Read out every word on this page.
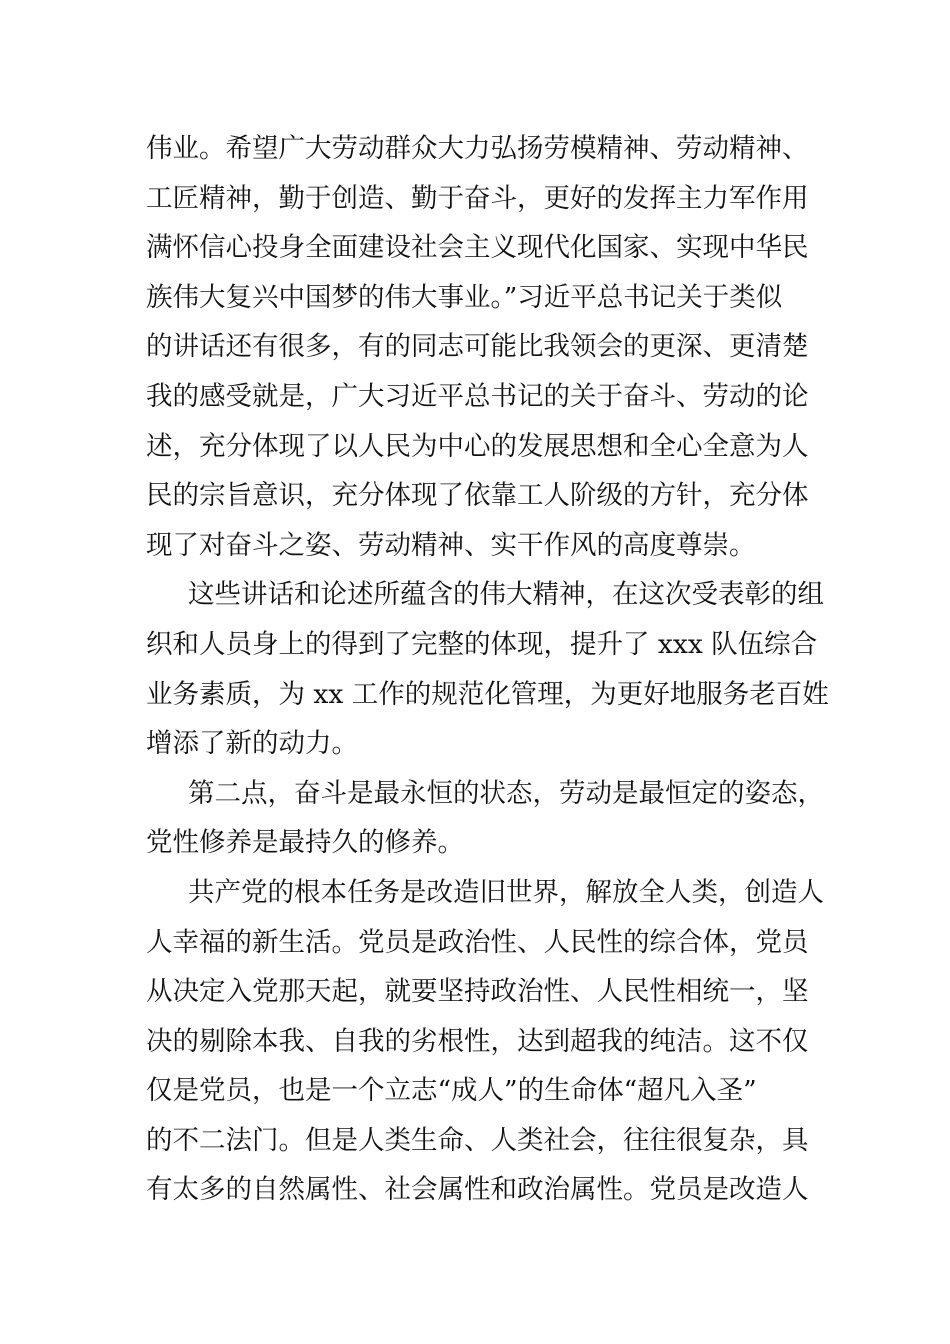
伟业。希望广大劳动群众大力弘扬劳模精神、劳动精神、
工匠精神，勤于创造、勤于奋斗，更好的发挥主力军作用
满怀信心投身全面建设社会主义现代化国家、实现中华民
族伟大复兴中国梦的伟大事业。”习近平总书记关于类似
的讲话还有很多，有的同志可能比我领会的更深、更清楚
我的感受就是，广大习近平总书记的关于奋斗、劳动的论
述，充分体现了以人民为中心的发展思想和全心全意为人
民的宗旨意识，充分体现了依靠工人阶级的方针，充分体
现了对奋斗之姿、劳动精神、实干作风的高度尊崇。
这些讲话和论述所蕴含的伟大精神，在这次受表彰的组
织和人员身上的得到了完整的体现，提升了 xxx 队伍综合
业务素质，为 xx 工作的规范化管理，为更好地服务老百姓
增添了新的动力。
第二点，奋斗是最永恒的状态，劳动是最恒定的姿态，
党性修养是最持久的修养。
共产党的根本任务是改造旧世界，解放全人类，创造人
人幸福的新生活。党员是政治性、人民性的综合体，党员
从决定入党那天起，就要坚持政治性、人民性相统一，坚
决的剔除本我、自我的劣根性，达到超我的纯洁。这不仅
仅是党员，也是一个立志“成人”的生命体“超凡入圣”
的不二法门。但是人类生命、人类社会，往往很复杂，具
有太多的自然属性、社会属性和政治属性。党员是改造人
